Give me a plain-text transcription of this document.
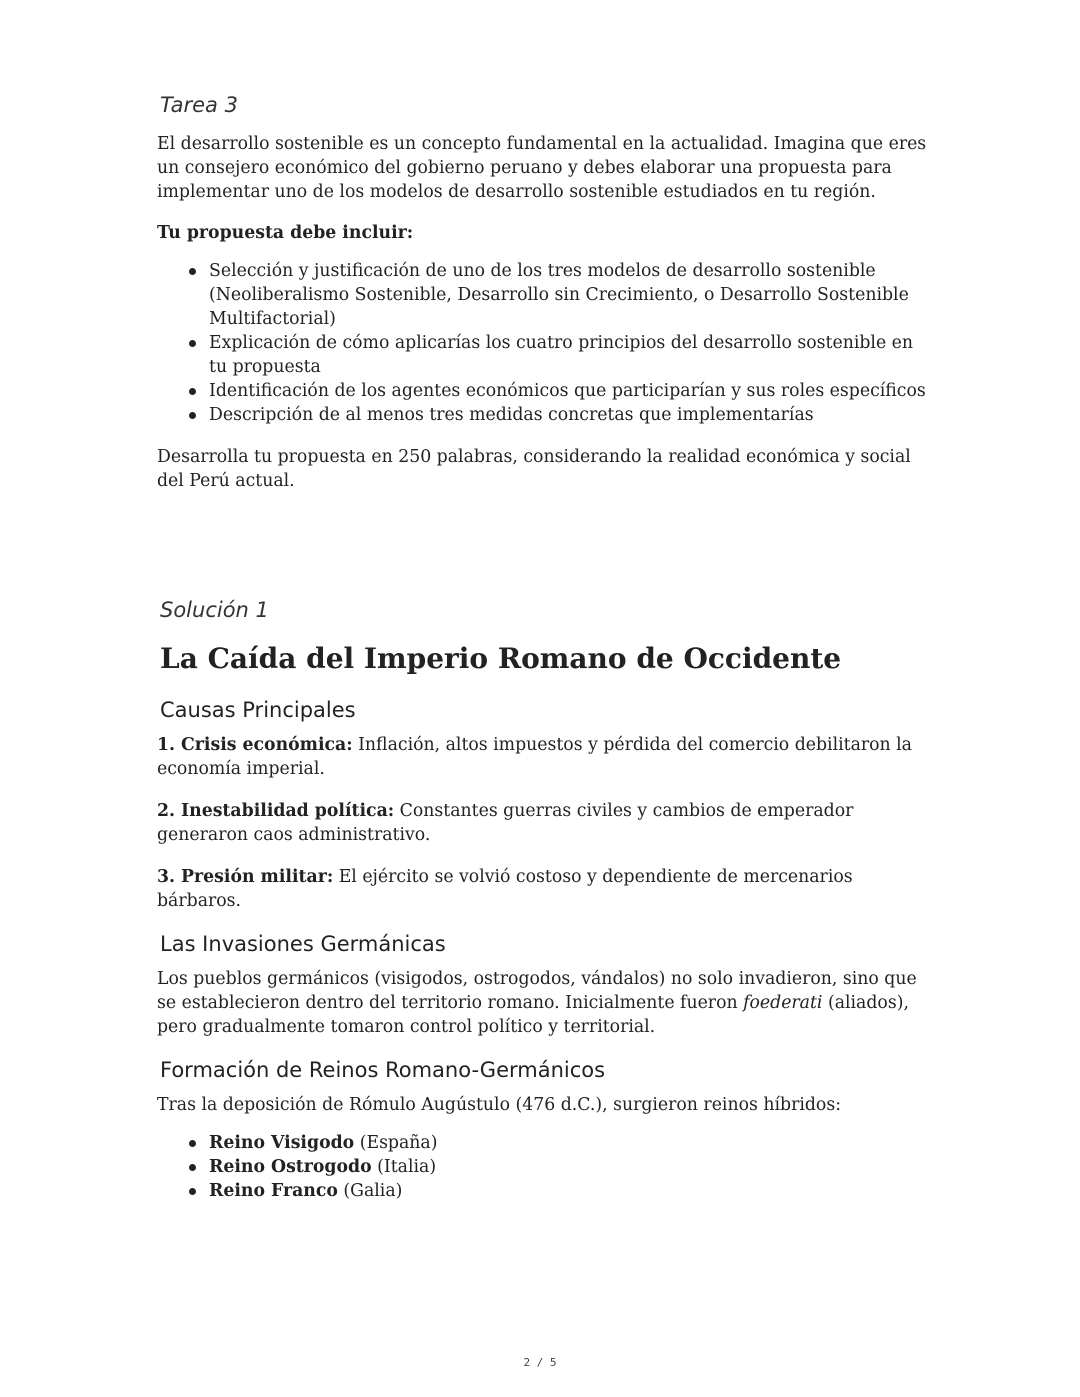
Tarea 3

El desarrollo sostenible es un concepto fundamental en la actualidad. Imagina que eres un consejero económico del gobierno peruano y debes elaborar una propuesta para implementar uno de los modelos de desarrollo sostenible estudiados en tu región.

Tu propuesta debe incluir:

Selección y justificación de uno de los tres modelos de desarrollo sostenible (Neoliberalismo Sostenible, Desarrollo sin Crecimiento, o Desarrollo Sostenible Multifactorial)
Explicación de cómo aplicarías los cuatro principios del desarrollo sostenible en tu propuesta
Identificación de los agentes económicos que participarían y sus roles específicos
Descripción de al menos tres medidas concretas que implementarías

Desarrolla tu propuesta en 250 palabras, considerando la realidad económica y social del Perú actual.

Solución 1
La Caída del Imperio Romano de Occidente
Causas Principales

1. Crisis económica: Inflación, altos impuestos y pérdida del comercio debilitaron la economía imperial.

2. Inestabilidad política: Constantes guerras civiles y cambios de emperador generaron caos administrativo.

3. Presión militar: El ejército se volvió costoso y dependiente de mercenarios bárbaros.

Las Invasiones Germánicas

Los pueblos germánicos (visigodos, ostrogodos, vándalos) no solo invadieron, sino que se establecieron dentro del territorio romano. Inicialmente fueron foederati (aliados), pero gradualmente tomaron control político y territorial.

Formación de Reinos Romano-Germánicos

Tras la deposición de Rómulo Augústulo (476 d.C.), surgieron reinos híbridos:

Reino Visigodo (España)
Reino Ostrogodo (Italia)
Reino Franco (Galia)
2 / 5
